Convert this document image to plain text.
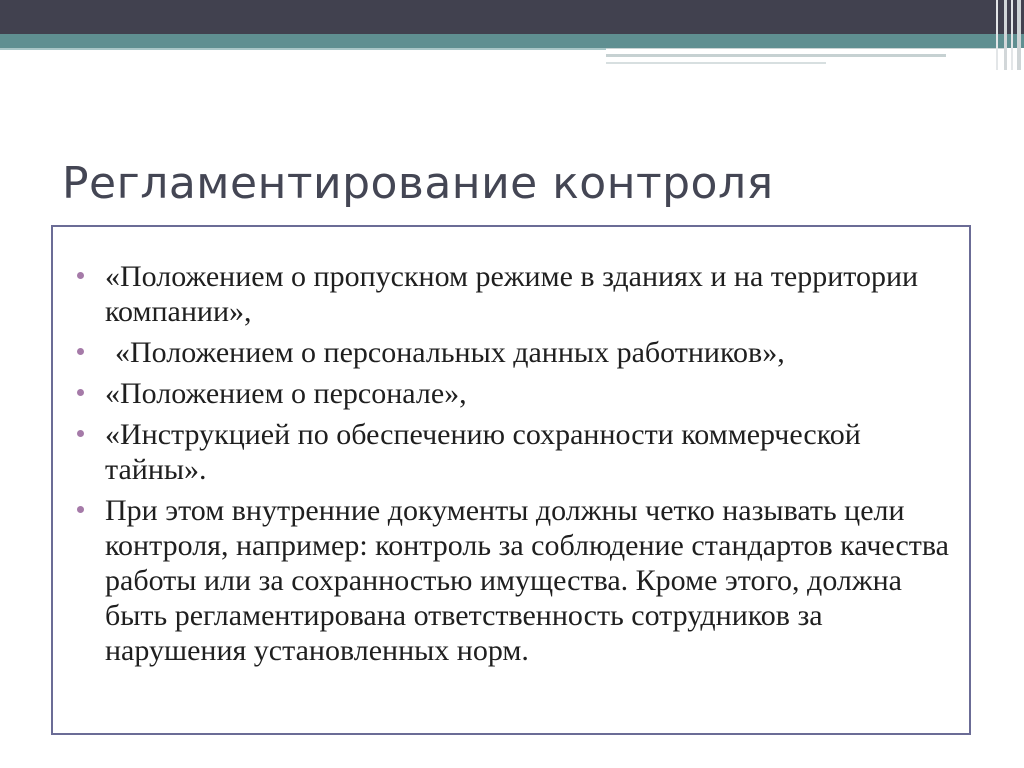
Регламентирование контроля
«Положением о пропускном режиме в зданиях и на территории компании»,
«Положением о персональных данных работников»,
«Положением о персонале»,
«Инструкцией по обеспечению сохранности коммерческой тайны».
При этом внутренние документы должны четко называть цели контроля, например: контроль за соблюдение стандартов качества работы или за сохранностью имущества. Кроме этого, должна быть регламентирована ответственность сотрудников за нарушения установленных норм.
